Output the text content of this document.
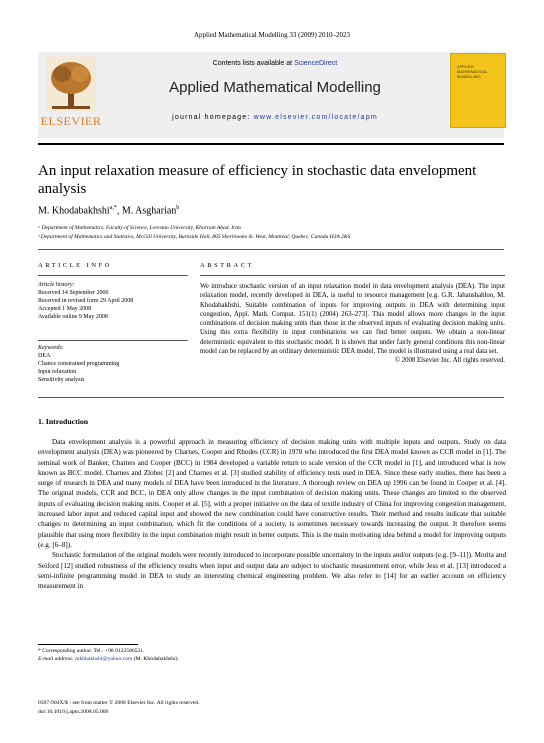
Applied Mathematical Modelling 33 (2009) 2010–2023
ELSEVIER
Contents lists available at ScienceDirect
Applied Mathematical Modelling
journal homepage: www.elsevier.com/locate/apm
APPLIED MATHEMATICAL MODELLING
An input relaxation measure of efficiency in stochastic data envelopment analysis
M. Khodabakhshi$^{a,*}$, M. Asgharian$^b$
ᵃ Department of Mathematics, Faculty of Science, Lorestan University, Khorram Abad, Iran
ᵇ Department of Mathematics and Statistics, McGill University, Burnside Hall, 805 Sherbrooke St. West, Montreal, Quebec, Canada H3A 2K6
ARTICLE INFO
Article history:
Received 14 September 2006
Received in revised form 29 April 2008
Accepted 1 May 2008
Available online 9 May 2008
Keywords:
DEA
Chance constrained programming
Input relaxation
Sensitivity analysis
ABSTRACT
We introduce stochastic version of an input relaxation model in data envelopment analysis (DEA). The input relaxation model, recently developed in DEA, is useful to resource management [e.g. G.R. Jahanshahloo, M. Khodabakhshi, Suitable combination of inputs for improving outputs in DEA with determining input congestion, Appl. Math. Comput. 151(1) (2004) 263–273]. This model allows more changes in the input combinations of decision making units than those in the observed inputs of evaluating decision making units. Using this extra flexibility in input combinations we can find better outputs. We obtain a non-linear deterministic equivalent to this stochastic model. It is shown that under fairly general conditions this non-linear model can be replaced by an ordinary deterministic DEA model. The model is illustrated using a real data set.
© 2008 Elsevier Inc. All rights reserved.
1. Introduction

Data envelopment analysis is a powerful approach in measuring efficiency of decision making units with multiple inputs and outputs. Study on data envelopment analysis (DEA) was pioneered by Charnes, Cooper and Rhodes (CCR) in 1978 who introduced the first DEA model known as CCR model in [1]. The seminal work of Banker, Charnes and Cooper (BCC) in 1984 developed a variable return to scale version of the CCR model in [1], and introduced what is now known as BCC model. Charnes and Zlobec [2] and Charnes et al. [3] studied stability of efficiency tests used in DEA. Since these early studies, there has been a surge of research in DEA and many models of DEA have been introduced in the literature. A thorough review on DEA up 1996 can be found in Cooper et al. [4]. The original models, CCR and BCC, in DEA only allow changes in the input combination of decision making units. These changes are limited to the observed inputs of evaluating decision making units. Cooper et al. [5], with a proper initiative on the data of textile industry of China for improving congestion management, increased labor input and reduced capital input and showed the new combination could have constructive results. Their method and results indicate that suitable changes to determining an input combination, which fit the conditions of a society, is sometimes necessary towards increasing the output. It therefore seems plausible that using more flexibility in the input combination might result in better outputs. This is the main motivating idea behind a model for improving outputs (e.g. [6–8]).

Stochastic formulation of the original models were recently introduced to incorporate possible uncertainty in the inputs and/or outputs (e.g. [9–11]). Morita and Seiford [12] studied robustness of the efficiency results when input and output data are subject to stochastic measurement error, while Jess et al. [13] introduced a semi-infinite programming model in DEA to study an interesting chemical engineering problem. We also refer to [14] for an earlier account on efficiency measurement in

* Corresponding author. Tel.: +98 9122586521.
E-mail address: mkhbakhshi@yahoo.com (M. Khodabakhshi).
0307-904X/$ - see front matter © 2008 Elsevier Inc. All rights reserved.
doi:10.1016/j.apm.2008.05.006
